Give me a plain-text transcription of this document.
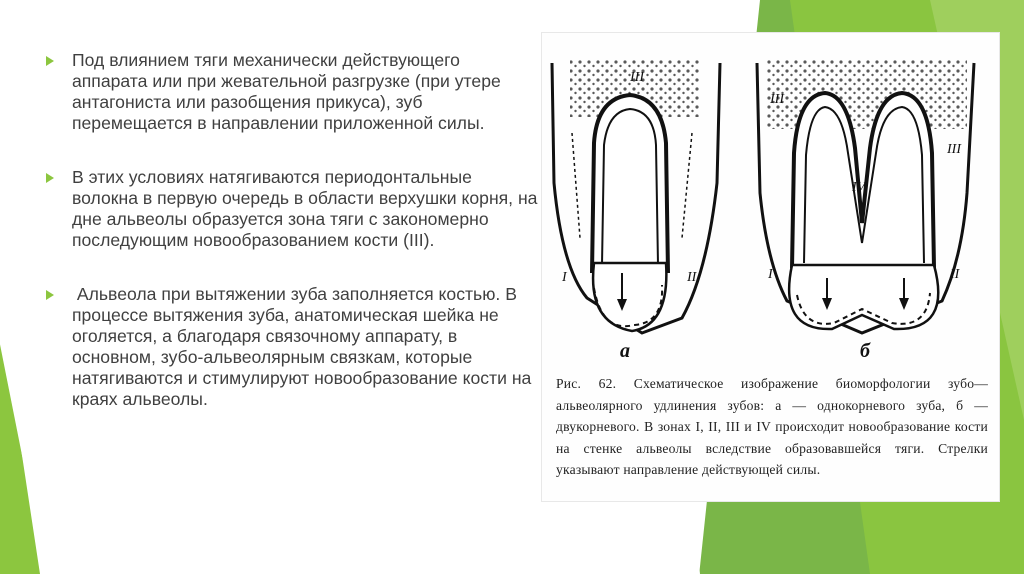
Под влиянием тяги механически действующего аппарата или при жевательной разгрузке (при утере антагониста или разобщения прикуса), зуб перемещается в направлении приложенной силы.

В этих условиях натягиваются периодонтальные волокна в первую очередь в области верхушки корня, на дне альвеолы образуется зона тяги с закономерно последующим новообразованием кости (III).

Альвеола при вытяжении зуба заполняется костью. В процессе вытяжения зуба, анатомическая шейка не оголяется, а благодаря связочному аппарату, в основном, зубо-альвеолярным связкам, которые натягиваются и стимулируют новообразование кости на краях альвеолы.

III
I	II
а
III
III
IV
I	II
б
Рис. 62. Схематическое изображение биоморфологии зубо—альвеолярного удлинения зубов: а — однокорневого зуба, б — двукорневого. В зонах I, II, III и IV происходит новообразование кости на стенке альвеолы вследствие образовавшейся тяги. Стрелки указывают направление действующей силы.
